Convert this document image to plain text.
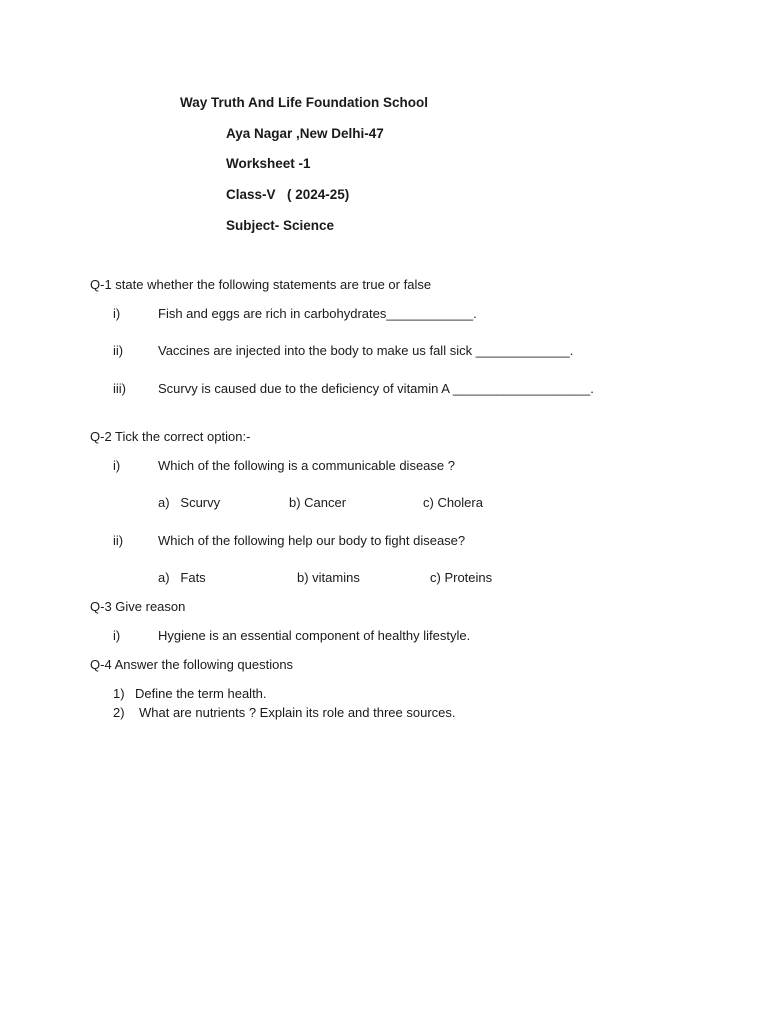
Way Truth And Life Foundation School
Aya Nagar ,New Delhi-47
Worksheet -1
Class-V ( 2024-25)
Subject- Science
Q-1 state whether the following statements are true or false
i)	Fish and eggs are rich in carbohydrates____________.
ii)	Vaccines are injected into the body to make us fall sick _____________.
iii) Scurvy is caused due to the deficiency of vitamin A ___________________.
Q-2 Tick the correct option:-
i)	Which of the following is a communicable disease ?
a)   Scurvy	b) Cancer	c) Cholera
ii)	Which of the following help our body to fight disease?
a)   Fats	b) vitamins	c) Proteins
Q-3 Give reason
i)	Hygiene is an essential component of healthy lifestyle.
Q-4 Answer the following questions
1) Define the term health.
2) What are nutrients ? Explain its role and three sources.
